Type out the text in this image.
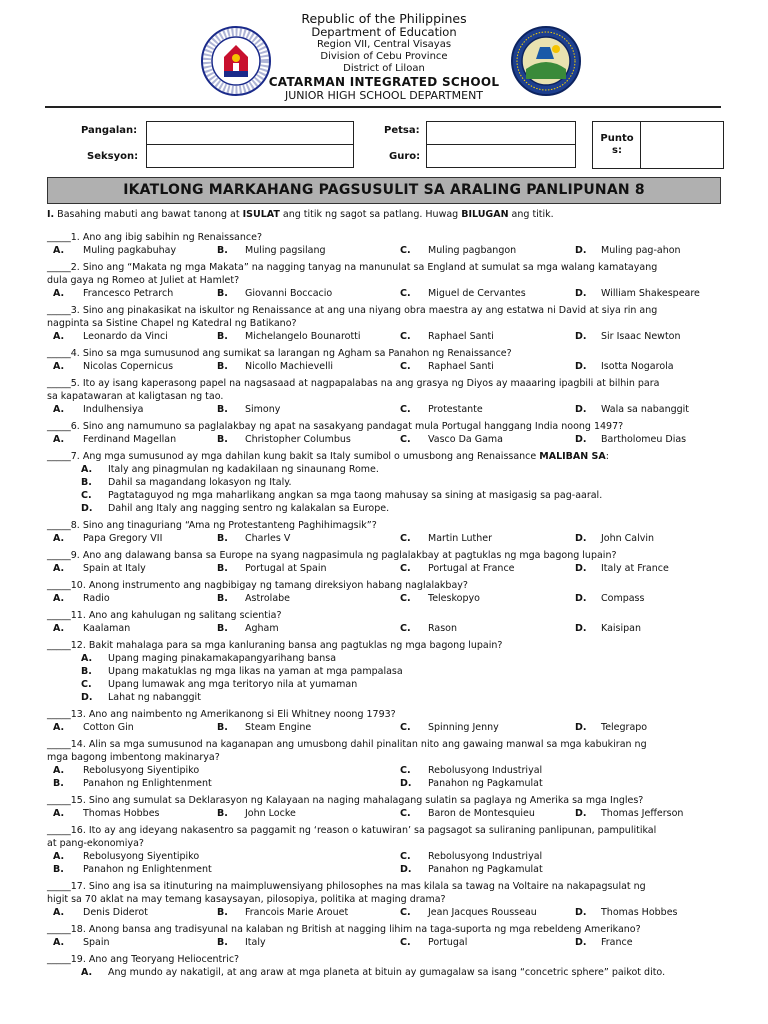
Republic of the Philippines
Department of Education
Region VII, Central Visayas
Division of Cebu Province
District of Liloan
CATARMAN INTEGRATED SCHOOL
JUNIOR HIGH SCHOOL DEPARTMENT
Pangalan:
Seksyon:
Petsa:
Guro:
Punto s:
IKATLONG MARKAHANG PAGSUSULIT SA ARALING PANLIPUNAN 8
I. Basahing mabuti ang bawat tanong at ISULAT ang titik ng sagot sa patlang. Huwag BILUGAN ang titik.
_____1. Ano ang ibig sabihin ng Renaissance?
A. Muling pagkabuhay	B. Muling pagsilang	C. Muling pagbangon	D. Muling pag-ahon
_____2. Sino ang “Makata ng mga Makata” na nagging tanyag na manunulat sa England at sumulat sa mga walang kamatayang
dula gaya ng Romeo at Juliet at Hamlet?
A. Francesco Petrarch	B. Giovanni Boccacio	C. Miguel de Cervantes	D. William Shakespeare
_____3. Sino ang pinakasikat na iskultor ng Renaissance at ang una niyang obra maestra ay ang estatwa ni David at siya rin ang
nagpinta sa Sistine Chapel ng Katedral ng Batikano?
A. Leonardo da Vinci	B. Michelangelo Bounarotti	C. Raphael Santi	D. Sir Isaac Newton
_____4. Sino sa mga sumusunod ang sumikat sa larangan ng Agham sa Panahon ng Renaissance?
A. Nicolas Copernicus	B. Nicollo Machievelli	C. Raphael Santi	D. Isotta Nogarola
_____5. Ito ay isang kaperasong papel na nagsasaad at nagpapalabas na ang grasya ng Diyos ay maaaring ipagbili at bilhin para
sa kapatawaran at kaligtasan ng tao.
A. Indulhensiya	B. Simony	C. Protestante	D. Wala sa nabanggit
_____6. Sino ang namumuno sa paglalakbay ng apat na sasakyang pandagat mula Portugal hanggang India noong 1497?
A. Ferdinand Magellan	B. Christopher Columbus	C. Vasco Da Gama	D. Bartholomeu Dias
_____7. Ang mga sumusunod ay mga dahilan kung bakit sa Italy sumibol o umusbong ang Renaissance MALIBAN SA:
A. Italy ang pinagmulan ng kadakilaan ng sinaunang Rome.
B. Dahil sa magandang lokasyon ng Italy.
C. Pagtataguyod ng mga maharlikang angkan sa mga taong mahusay sa sining at masigasig sa pag-aaral.
D. Dahil ang Italy ang nagging sentro ng kalakalan sa Europe.
_____8. Sino ang tinaguriang “Ama ng Protestanteng Paghihimagsik”?
A. Papa Gregory VII	B. Charles V	C. Martin Luther	D. John Calvin
_____9. Ano ang dalawang bansa sa Europe na syang nagpasimula ng paglalakbay at pagtuklas ng mga bagong lupain?
A. Spain at Italy	B. Portugal at Spain	C. Portugal at France	D. Italy at France
_____10. Anong instrumento ang nagbibigay ng tamang direksiyon habang naglalakbay?
A. Radio	B. Astrolabe	C. Teleskopyo	D. Compass
_____11. Ano ang kahulugan ng salitang scientia?
A. Kaalaman	B. Agham	C. Rason	D. Kaisipan
_____12. Bakit mahalaga para sa mga kanluraning bansa ang pagtuklas ng mga bagong lupain?
A. Upang maging pinakamakapangyarihang bansa
B. Upang makatuklas ng mga likas na yaman at mga pampalasa
C. Upang lumawak ang mga teritoryo nila at yumaman
D. Lahat ng nabanggit
_____13. Ano ang naimbento ng Amerikanong si Eli Whitney noong 1793?
A. Cotton Gin	B. Steam Engine	C. Spinning Jenny	D. Telegrapo
_____14. Alin sa mga sumusunod na kaganapan ang umusbong dahil pinalitan nito ang gawaing manwal sa mga kabukiran ng
mga bagong imbentong makinarya?
A. Rebolusyong Siyentipiko	C. Rebolusyong Industriyal
B. Panahon ng Enlightenment	D. Panahon ng Pagkamulat
_____15. Sino ang sumulat sa Deklarasyon ng Kalayaan na naging mahalagang sulatin sa paglaya ng Amerika sa mga Ingles?
A. Thomas Hobbes	B. John Locke	C. Baron de Montesquieu	D. Thomas Jefferson
_____16. Ito ay ang ideyang nakasentro sa paggamit ng ‘reason o katuwiran’ sa pagsagot sa suliraning panlipunan, pampulitikal
at pang-ekonomiya?
A. Rebolusyong Siyentipiko	C. Rebolusyong Industriyal
B. Panahon ng Enlightenment	D. Panahon ng Pagkamulat
_____17. Sino ang isa sa itinuturing na maimpluwensiyang philosophes na mas kilala sa tawag na Voltaire na nakapagsulat ng
higit sa 70 aklat na may temang kasaysayan, pilosopiya, politika at maging drama?
A. Denis Diderot	B. Francois Marie Arouet	C. Jean Jacques Rousseau	D. Thomas Hobbes
_____18. Anong bansa ang tradisyunal na kalaban ng British at nagging lihim na taga-suporta ng mga rebeldeng Amerikano?
A. Spain	B. Italy	C. Portugal	D. France
_____19. Ano ang Teoryang Heliocentric?
A. Ang mundo ay nakatigil, at ang araw at mga planeta at bituin ay gumagalaw sa isang “concetric sphere” paikot dito.
